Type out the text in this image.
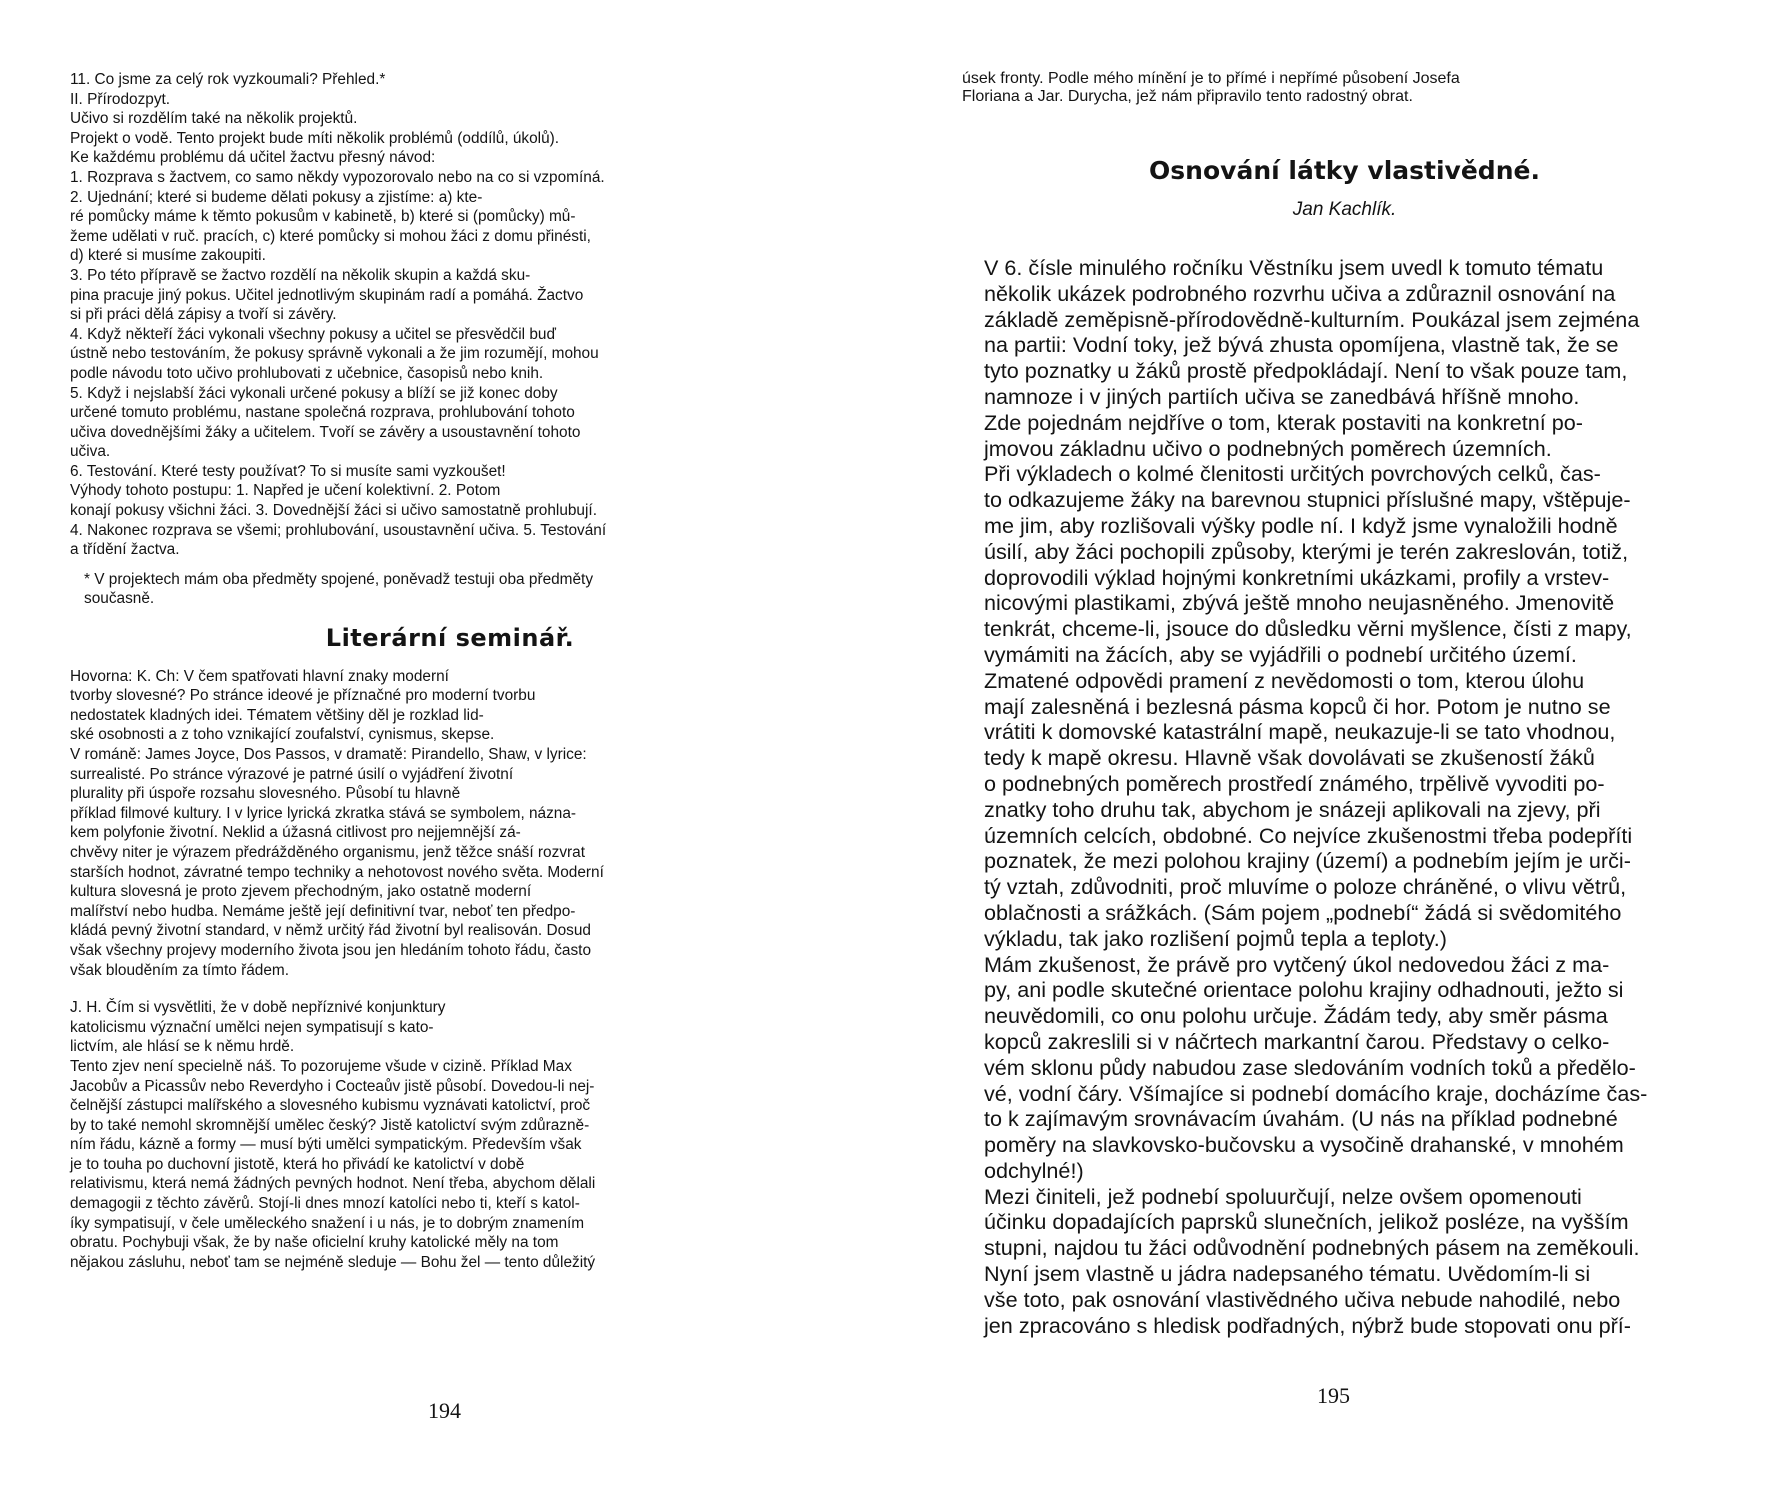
11. Co jsme za celý rok vyzkoumali? Přehled.*
II. Přírodozpyt.
Učivo si rozdělím také na několik projektů.
Projekt o vodě. Tento projekt bude míti několik problémů (oddílů, úkolů).
Ke každému problému dá učitel žactvu přesný návod:
1. Rozprava s žactvem, co samo někdy vypozorovalo nebo na co si vzpomíná.
2. Ujednání; které si budeme dělati pokusy a zjistíme: a) kte-
ré pomůcky máme k těmto pokusům v kabinetě, b) které si (pomůcky) mů-
žeme udělati v ruč. pracích, c) které pomůcky si mohou žáci z domu přinésti,
d) které si musíme zakoupiti.
3. Po této přípravě se žactvo rozdělí na několik skupin a každá sku-
pina pracuje jiný pokus. Učitel jednotlivým skupinám radí a pomáhá. Žactvo
si při práci dělá zápisy a tvoří si závěry.
4. Když někteří žáci vykonali všechny pokusy a učitel se přesvědčil buď
ústně nebo testováním, že pokusy správně vykonali a že jim rozumějí, mohou
podle návodu toto učivo prohlubovati z učebnice, časopisů nebo knih.
5. Když i nejslabší žáci vykonali určené pokusy a blíží se již konec doby
určené tomuto problému, nastane společná rozprava, prohlubování tohoto
učiva dovednějšími žáky a učitelem. Tvoří se závěry a usoustavnění tohoto
učiva.
6. Testování. Které testy používat? To si musíte sami vyzkoušet!
Výhody tohoto postupu: 1. Napřed je učení kolektivní. 2. Potom
konají pokusy všichni žáci. 3. Dovednější žáci si učivo samostatně prohlubují.
4. Nakonec rozprava se všemi; prohlubování, usoustavnění učiva. 5. Testování
a třídění žactva.

* V projektech mám oba předměty spojené, poněvadž testuji oba předměty
současně.

Literární seminář.

Hovorna: K. Ch: V čem spatřovati hlavní znaky moderní
tvorby slovesné? Po stránce ideové je příznačné pro moderní tvorbu
nedostatek kladných idei. Tématem většiny děl je rozklad lid-
ské osobnosti a z toho vznikající zoufalství, cynismus, skepse.
V románě: James Joyce, Dos Passos, v dramatě: Pirandello, Shaw, v lyrice:
surrealisté. Po stránce výrazové je patrné úsilí o vyjádření životní
plurality při úspoře rozsahu slovesného. Působí tu hlavně
příklad filmové kultury. I v lyrice lyrická zkratka stává se symbolem, názna-
kem polyfonie životní. Neklid a úžasná citlivost pro nejjemnější zá-
chvěvy niter je výrazem předrážděného organismu, jenž těžce snáší rozvrat
starších hodnot, závratné tempo techniky a nehotovost nového světa. Moderní
kultura slovesná je proto zjevem přechodným, jako ostatně moderní
malířství nebo hudba. Nemáme ještě její definitivní tvar, neboť ten předpo-
kládá pevný životní standard, v němž určitý řád životní byl realisován. Dosud
však všechny projevy moderního života jsou jen hledáním tohoto řádu, často
však blouděním za tímto řádem.

J. H. Čím si vysvětliti, že v době nepříznivé konjunktury
katolicismu význační umělci nejen sympatisují s kato-
lictvím, ale hlásí se k němu hrdě.

Tento zjev není specielně náš. To pozorujeme všude v cizině. Příklad Max
Jacobův a Picassův nebo Reverdyho i Cocteaův jistě působí. Dovedou-li nej-
čelnější zástupci malířského a slovesného kubismu vyznávati katolictví, proč
by to také nemohl skromnější umělec český? Jistě katolictví svým zdůrazně-
ním řádu, kázně a formy — musí býti umělci sympatickým. Především však
je to touha po duchovní jistotě, která ho přivádí ke katolictví v době
relativismu, která nemá žádných pevných hodnot. Není třeba, abychom dělali
demagogii z těchto závěrů. Stojí-li dnes mnozí katolíci nebo ti, kteří s katol-
íky sympatisují, v čele uměleckého snažení i u nás, je to dobrým znamením
obratu. Pochybuji však, že by naše oficielní kruhy katolické měly na tom
nějakou zásluhu, neboť tam se nejméně sleduje — Bohu žel — tento důležitý

194
úsek fronty. Podle mého mínění je to přímé i nepřímé působení Josefa
Floriana a Jar. Durycha, jež nám připravilo tento radostný obrat.
Osnování látky vlastivědné.
Jan Kachlík.

V 6. čísle minulého ročníku Věstníku jsem uvedl k tomuto tématu
několik ukázek podrobného rozvrhu učiva a zdůraznil osnování na
základě zeměpisně-přírodovědně-kulturním. Poukázal jsem zejména
na partii: Vodní toky, jež bývá zhusta opomíjena, vlastně tak, že se
tyto poznatky u žáků prostě předpokládají. Není to však pouze tam,
namnoze i v jiných partiích učiva se zanedbává hříšně mnoho.

Zde pojednám nejdříve o tom, kterak postaviti na konkretní po-
jmovou základnu učivo o podnebných poměrech územních.

Při výkladech o kolmé členitosti určitých povrchových celků, čas-
to odkazujeme žáky na barevnou stupnici příslušné mapy, vštěpuje-
me jim, aby rozlišovali výšky podle ní. I když jsme vynaložili hodně
úsilí, aby žáci pochopili způsoby, kterými je terén zakreslován, totiž,
doprovodili výklad hojnými konkretními ukázkami, profily a vrstev-
nicovými plastikami, zbývá ještě mnoho neujasněného. Jmenovitě
tenkrát, chceme-li, jsouce do důsledku věrni myšlence, čísti z mapy,
vymámiti na žácích, aby se vyjádřili o podnebí určitého území.

Zmatené odpovědi pramení z nevědomosti o tom, kterou úlohu
mají zalesněná i bezlesná pásma kopců či hor. Potom je nutno se
vrátiti k domovské katastrální mapě, neukazuje-li se tato vhodnou,
tedy k mapě okresu. Hlavně však dovolávati se zkušeností žáků
o podnebných poměrech prostředí známého, trpělivě vyvoditi po-
znatky toho druhu tak, abychom je snázeji aplikovali na zjevy, při
územních celcích, obdobné. Co nejvíce zkušenostmi třeba podepříti
poznatek, že mezi polohou krajiny (území) a podnebím jejím je urči-
tý vztah, zdůvodniti, proč mluvíme o poloze chráněné, o vlivu větrů,
oblačnosti a srážkách. (Sám pojem „podnebí“ žádá si svědomitého
výkladu, tak jako rozlišení pojmů tepla a teploty.)

Mám zkušenost, že právě pro vytčený úkol nedovedou žáci z ma-
py, ani podle skutečné orientace polohu krajiny odhadnouti, ježto si
neuvědomili, co onu polohu určuje. Žádám tedy, aby směr pásma
kopců zakreslili si v náčrtech markantní čarou. Představy o celko-
vém sklonu půdy nabudou zase sledováním vodních toků a předělo-
vé, vodní čáry. Všímajíce si podnebí domácího kraje, docházíme čas-
to k zajímavým srovnávacím úvahám. (U nás na příklad podnebné
poměry na slavkovsko-bučovsku a vysočině drahanské, v mnohém
odchylné!)

Mezi činiteli, jež podnebí spoluurčují, nelze ovšem opomenouti
účinku dopadajících paprsků slunečních, jelikož posléze, na vyšším
stupni, najdou tu žáci odůvodnění podnebných pásem na zeměkouli.

Nyní jsem vlastně u jádra nadepsaného tématu. Uvědomím-li si
vše toto, pak osnování vlastivědného učiva nebude nahodilé, nebo
jen zpracováno s hledisk podřadných, nýbrž bude stopovati onu pří-

195
